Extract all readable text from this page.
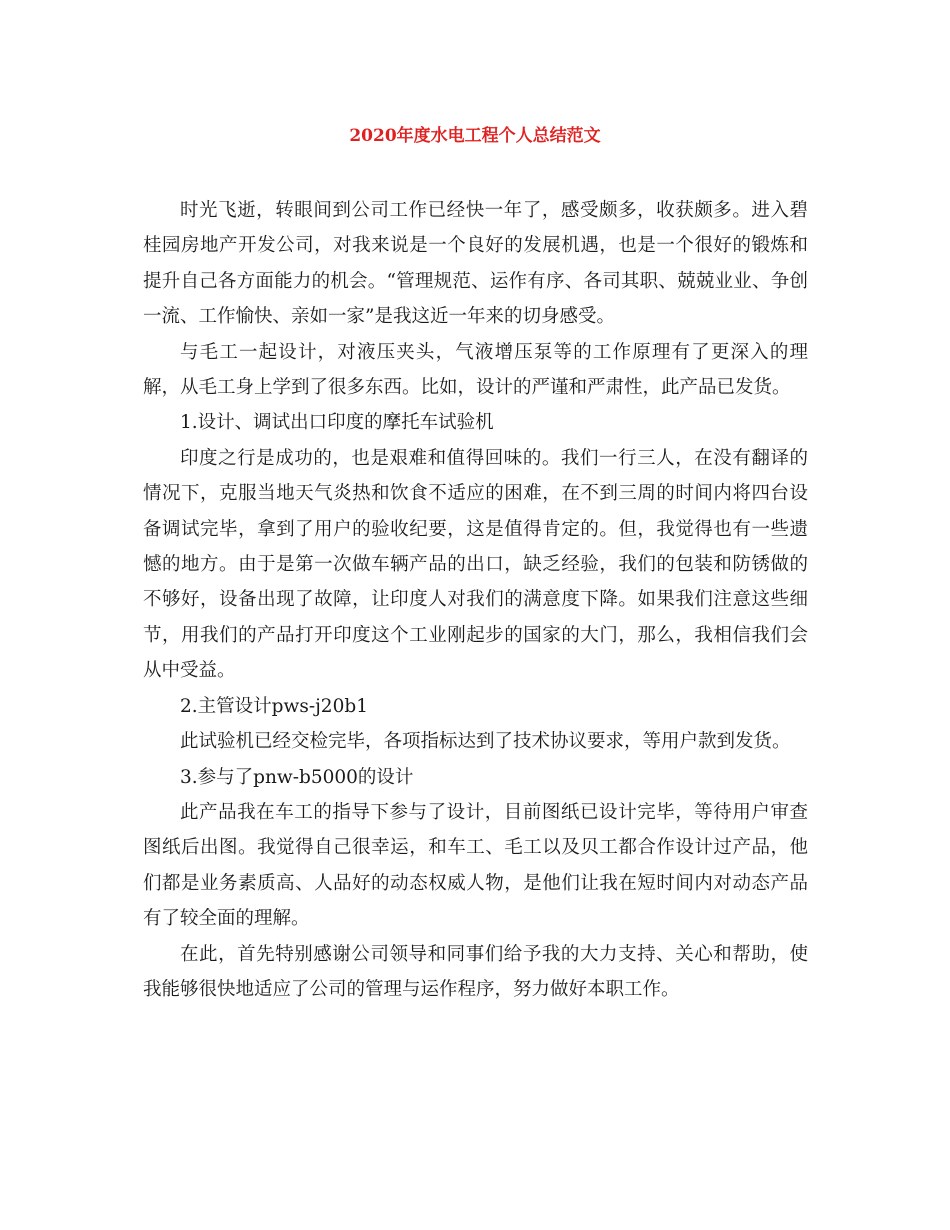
2020年度水电工程个人总结范文

时光飞逝，转眼间到公司工作已经快一年了，感受颇多，收获颇多。进入碧桂园房地产开发公司，对我来说是一个良好的发展机遇，也是一个很好的锻炼和提升自己各方面能力的机会。“管理规范、运作有序、各司其职、兢兢业业、争创一流、工作愉快、亲如一家”是我这近一年来的切身感受。

与毛工一起设计，对液压夹头，气液增压泵等的工作原理有了更深入的理解，从毛工身上学到了很多东西。比如，设计的严谨和严肃性，此产品已发货。

1.设计、调试出口印度的摩托车试验机

印度之行是成功的，也是艰难和值得回味的。我们一行三人，在没有翻译的情况下，克服当地天气炎热和饮食不适应的困难，在不到三周的时间内将四台设备调试完毕，拿到了用户的验收纪要，这是值得肯定的。但，我觉得也有一些遗憾的地方。由于是第一次做车辆产品的出口，缺乏经验，我们的包装和防锈做的不够好，设备出现了故障，让印度人对我们的满意度下降。如果我们注意这些细节，用我们的产品打开印度这个工业刚起步的国家的大门，那么，我相信我们会从中受益。

2.主管设计pws-j20b1

此试验机已经交检完毕，各项指标达到了技术协议要求，等用户款到发货。

3.参与了pnw-b5000的设计

此产品我在车工的指导下参与了设计，目前图纸已设计完毕，等待用户审查图纸后出图。我觉得自己很幸运，和车工、毛工以及贝工都合作设计过产品，他们都是业务素质高、人品好的动态权威人物，是他们让我在短时间内对动态产品有了较全面的理解。

在此，首先特别感谢公司领导和同事们给予我的大力支持、关心和帮助，使我能够很快地适应了公司的管理与运作程序，努力做好本职工作。
